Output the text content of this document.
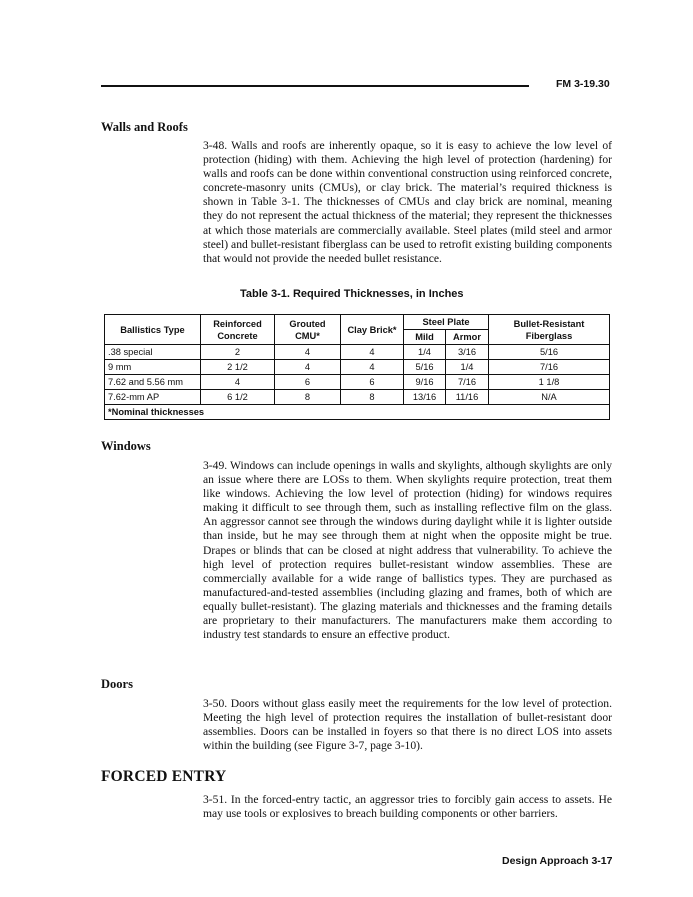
FM 3-19.30
Walls and Roofs
3-48. Walls and roofs are inherently opaque, so it is easy to achieve the low level of protection (hiding) with them. Achieving the high level of protection (hardening) for walls and roofs can be done within conventional construction using reinforced concrete, concrete-masonry units (CMUs), or clay brick. The material’s required thickness is shown in Table 3-1. The thicknesses of CMUs and clay brick are nominal, meaning they do not represent the actual thickness of the material; they represent the thicknesses at which those materials are commercially available. Steel plates (mild steel and armor steel) and bullet-resistant fiberglass can be used to retrofit existing building components that would not provide the needed bullet resistance.
Table 3-1. Required Thicknesses, in Inches
Ballistics Type	Reinforced Concrete	Grouted CMU*	Clay Brick*	Steel Plate		Bullet-Resistant Fiberglass
				Mild	Armor	
.38 special	2	4	4	1/4	3/16	5/16
9 mm	2 1/2	4	4	5/16	1/4	7/16
7.62 and 5.56 mm	4	6	6	9/16	7/16	1 1/8
7.62-mm AP	6 1/2	8	8	13/16	11/16	N/A
*Nominal thicknesses						
Windows
3-49. Windows can include openings in walls and skylights, although skylights are only an issue where there are LOSs to them. When skylights require protection, treat them like windows. Achieving the low level of protection (hiding) for windows requires making it difficult to see through them, such as installing reflective film on the glass. An aggressor cannot see through the windows during daylight while it is lighter outside than inside, but he may see through them at night when the opposite might be true. Drapes or blinds that can be closed at night address that vulnerability. To achieve the high level of protection requires bullet-resistant window assemblies. These are commercially available for a wide range of ballistics types. They are purchased as manufactured-and-tested assemblies (including glazing and frames, both of which are equally bullet-resistant). The glazing materials and thicknesses and the framing details are proprietary to their manufacturers. The manufacturers make them according to industry test standards to ensure an effective product.
Doors
3-50. Doors without glass easily meet the requirements for the low level of protection. Meeting the high level of protection requires the installation of bullet-resistant door assemblies. Doors can be installed in foyers so that there is no direct LOS into assets within the building (see Figure 3-7, page 3-10).
FORCED ENTRY
3-51. In the forced-entry tactic, an aggressor tries to forcibly gain access to assets. He may use tools or explosives to breach building components or other barriers.
Design Approach 3-17
